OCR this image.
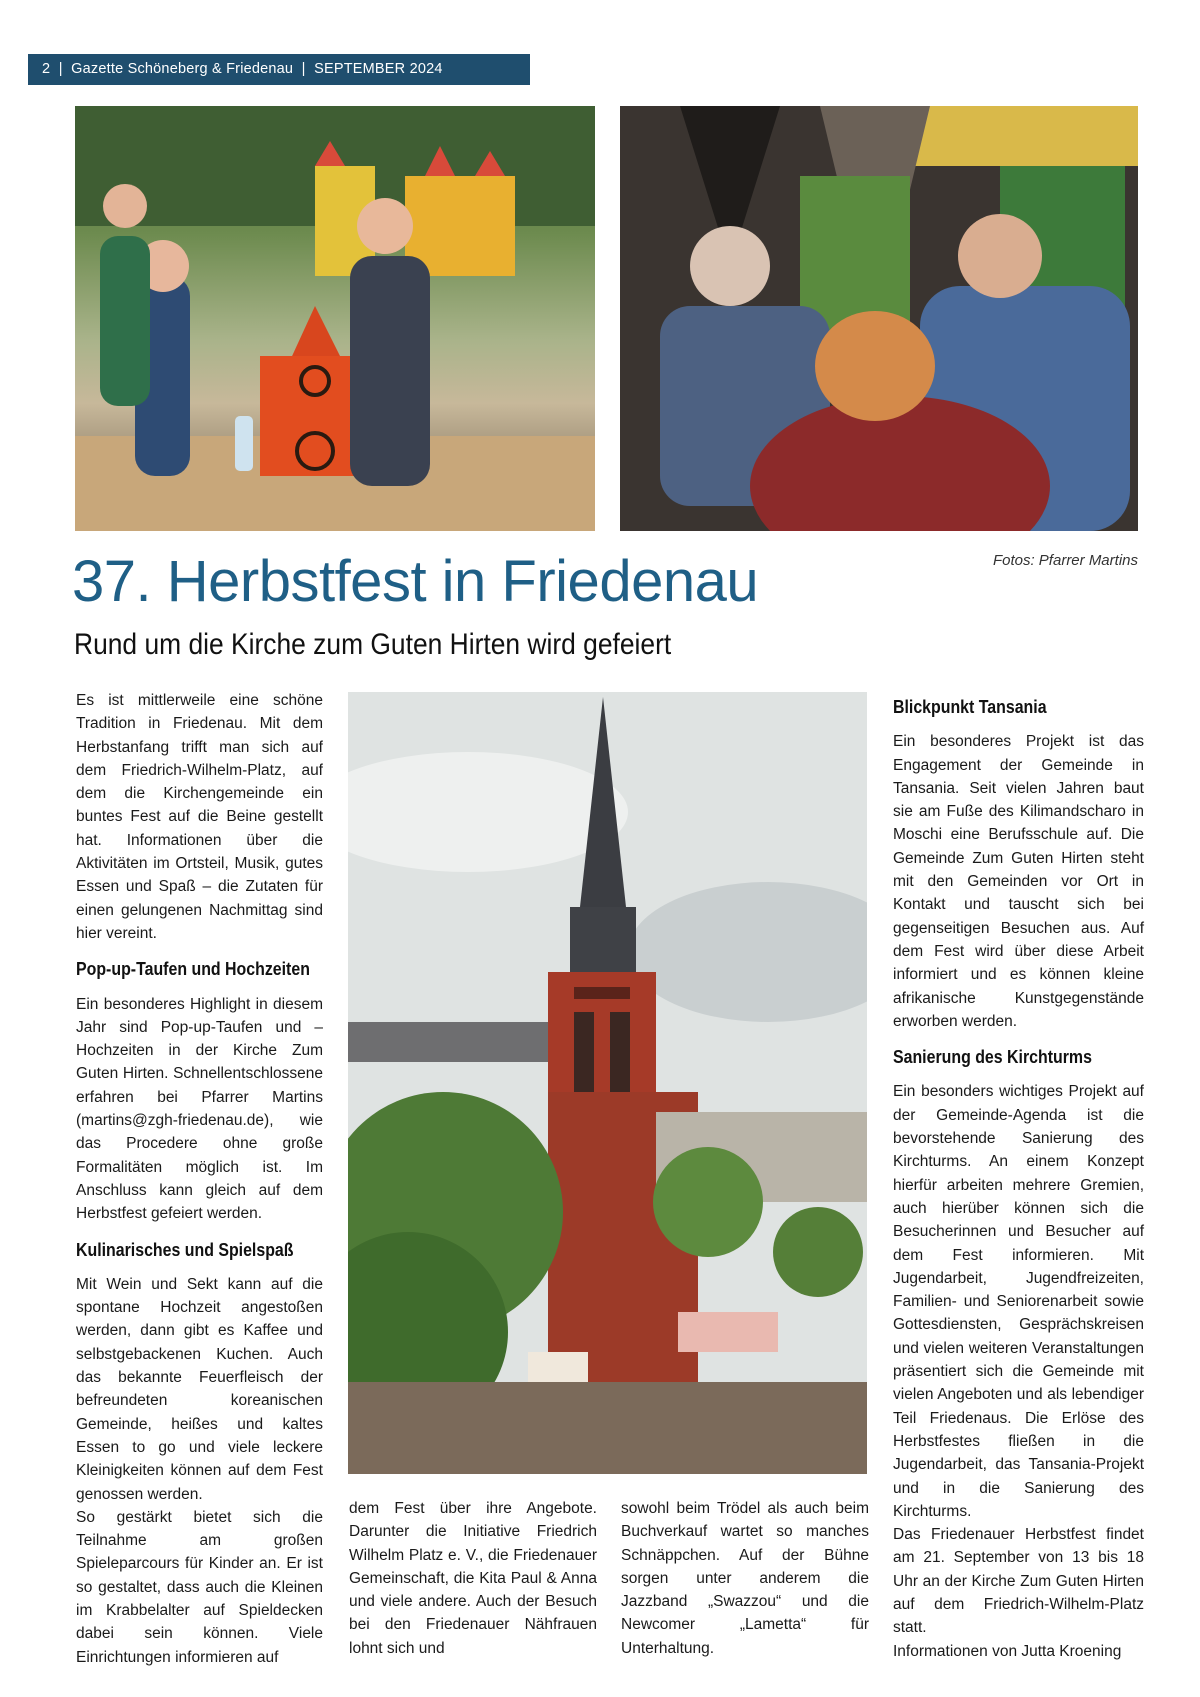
2 | Gazette Schöneberg & Friedenau | SEPTEMBER 2024
Fotos: Pfarrer Martins
37. Herbstfest in Friedenau
Rund um die Kirche zum Guten Hirten wird gefeiert

Es ist mittlerweile eine schöne Tradition in Friedenau. Mit dem Herbstanfang trifft man sich auf dem Friedrich-Wilhelm-Platz, auf dem die Kirchengemeinde ein buntes Fest auf die Beine gestellt hat. Informationen über die Aktivitäten im Ortsteil, Musik, gutes Essen und Spaß – die Zutaten für einen gelungenen Nachmittag sind hier vereint.

Pop-up-Taufen und Hochzeiten

Ein besonderes Highlight in diesem Jahr sind Pop-up-Taufen und –Hochzeiten in der Kirche Zum Guten Hirten. Schnellentschlossene erfahren bei Pfarrer Martins (martins@zgh-friedenau.de), wie das Procedere ohne große Formalitäten möglich ist. Im Anschluss kann gleich auf dem Herbstfest gefeiert werden.

Kulinarisches und Spielspaß

Mit Wein und Sekt kann auf die spontane Hochzeit angestoßen werden, dann gibt es Kaffee und selbstgebackenen Kuchen. Auch das bekannte Feuerfleisch der befreundeten koreanischen Gemeinde, heißes und kaltes Essen to go und viele leckere Kleinigkeiten können auf dem Fest genossen werden.

So gestärkt bietet sich die Teilnahme am großen Spieleparcours für Kinder an. Er ist so gestaltet, dass auch die Kleinen im Krabbelalter auf Spieldecken dabei sein können. Viele Einrichtungen informieren auf

dem Fest über ihre Angebote. Darunter die Initiative Friedrich Wilhelm Platz e. V., die Friedenauer Gemeinschaft, die Kita Paul & Anna und viele andere. Auch der Besuch bei den Friedenauer Nähfrauen lohnt sich und

sowohl beim Trödel als auch beim Buchverkauf wartet so manches Schnäppchen. Auf der Bühne sorgen unter anderem die Jazzband „Swazzou“ und die Newcomer „Lametta“ für Unterhaltung.

Blickpunkt Tansania

Ein besonderes Projekt ist das Engagement der Gemeinde in Tansania. Seit vielen Jahren baut sie am Fuße des Kilimandscharo in Moschi eine Berufsschule auf. Die Gemeinde Zum Guten Hirten steht mit den Gemeinden vor Ort in Kontakt und tauscht sich bei gegenseitigen Besuchen aus. Auf dem Fest wird über diese Arbeit informiert und es können kleine afrikanische Kunstgegenstände erworben werden.

Sanierung des Kirchturms

Ein besonders wichtiges Projekt auf der Gemeinde-Agenda ist die bevorstehende Sanierung des Kirchturms. An einem Konzept hierfür arbeiten mehrere Gremien, auch hierüber können sich die Besucherinnen und Besucher auf dem Fest informieren. Mit Jugendarbeit, Jugendfreizeiten, Familien- und Seniorenarbeit sowie Gottesdiensten, Gesprächskreisen und vielen weiteren Veranstaltungen präsentiert sich die Gemeinde mit vielen Angeboten und als lebendiger Teil Friedenaus. Die Erlöse des Herbstfestes fließen in die Jugendarbeit, das Tansania-Projekt und in die Sanierung des Kirchturms.

Das Friedenauer Herbstfest findet am 21. September von 13 bis 18 Uhr an der Kirche Zum Guten Hirten auf dem Friedrich-Wilhelm-Platz statt.

Informationen von Jutta Kroening
